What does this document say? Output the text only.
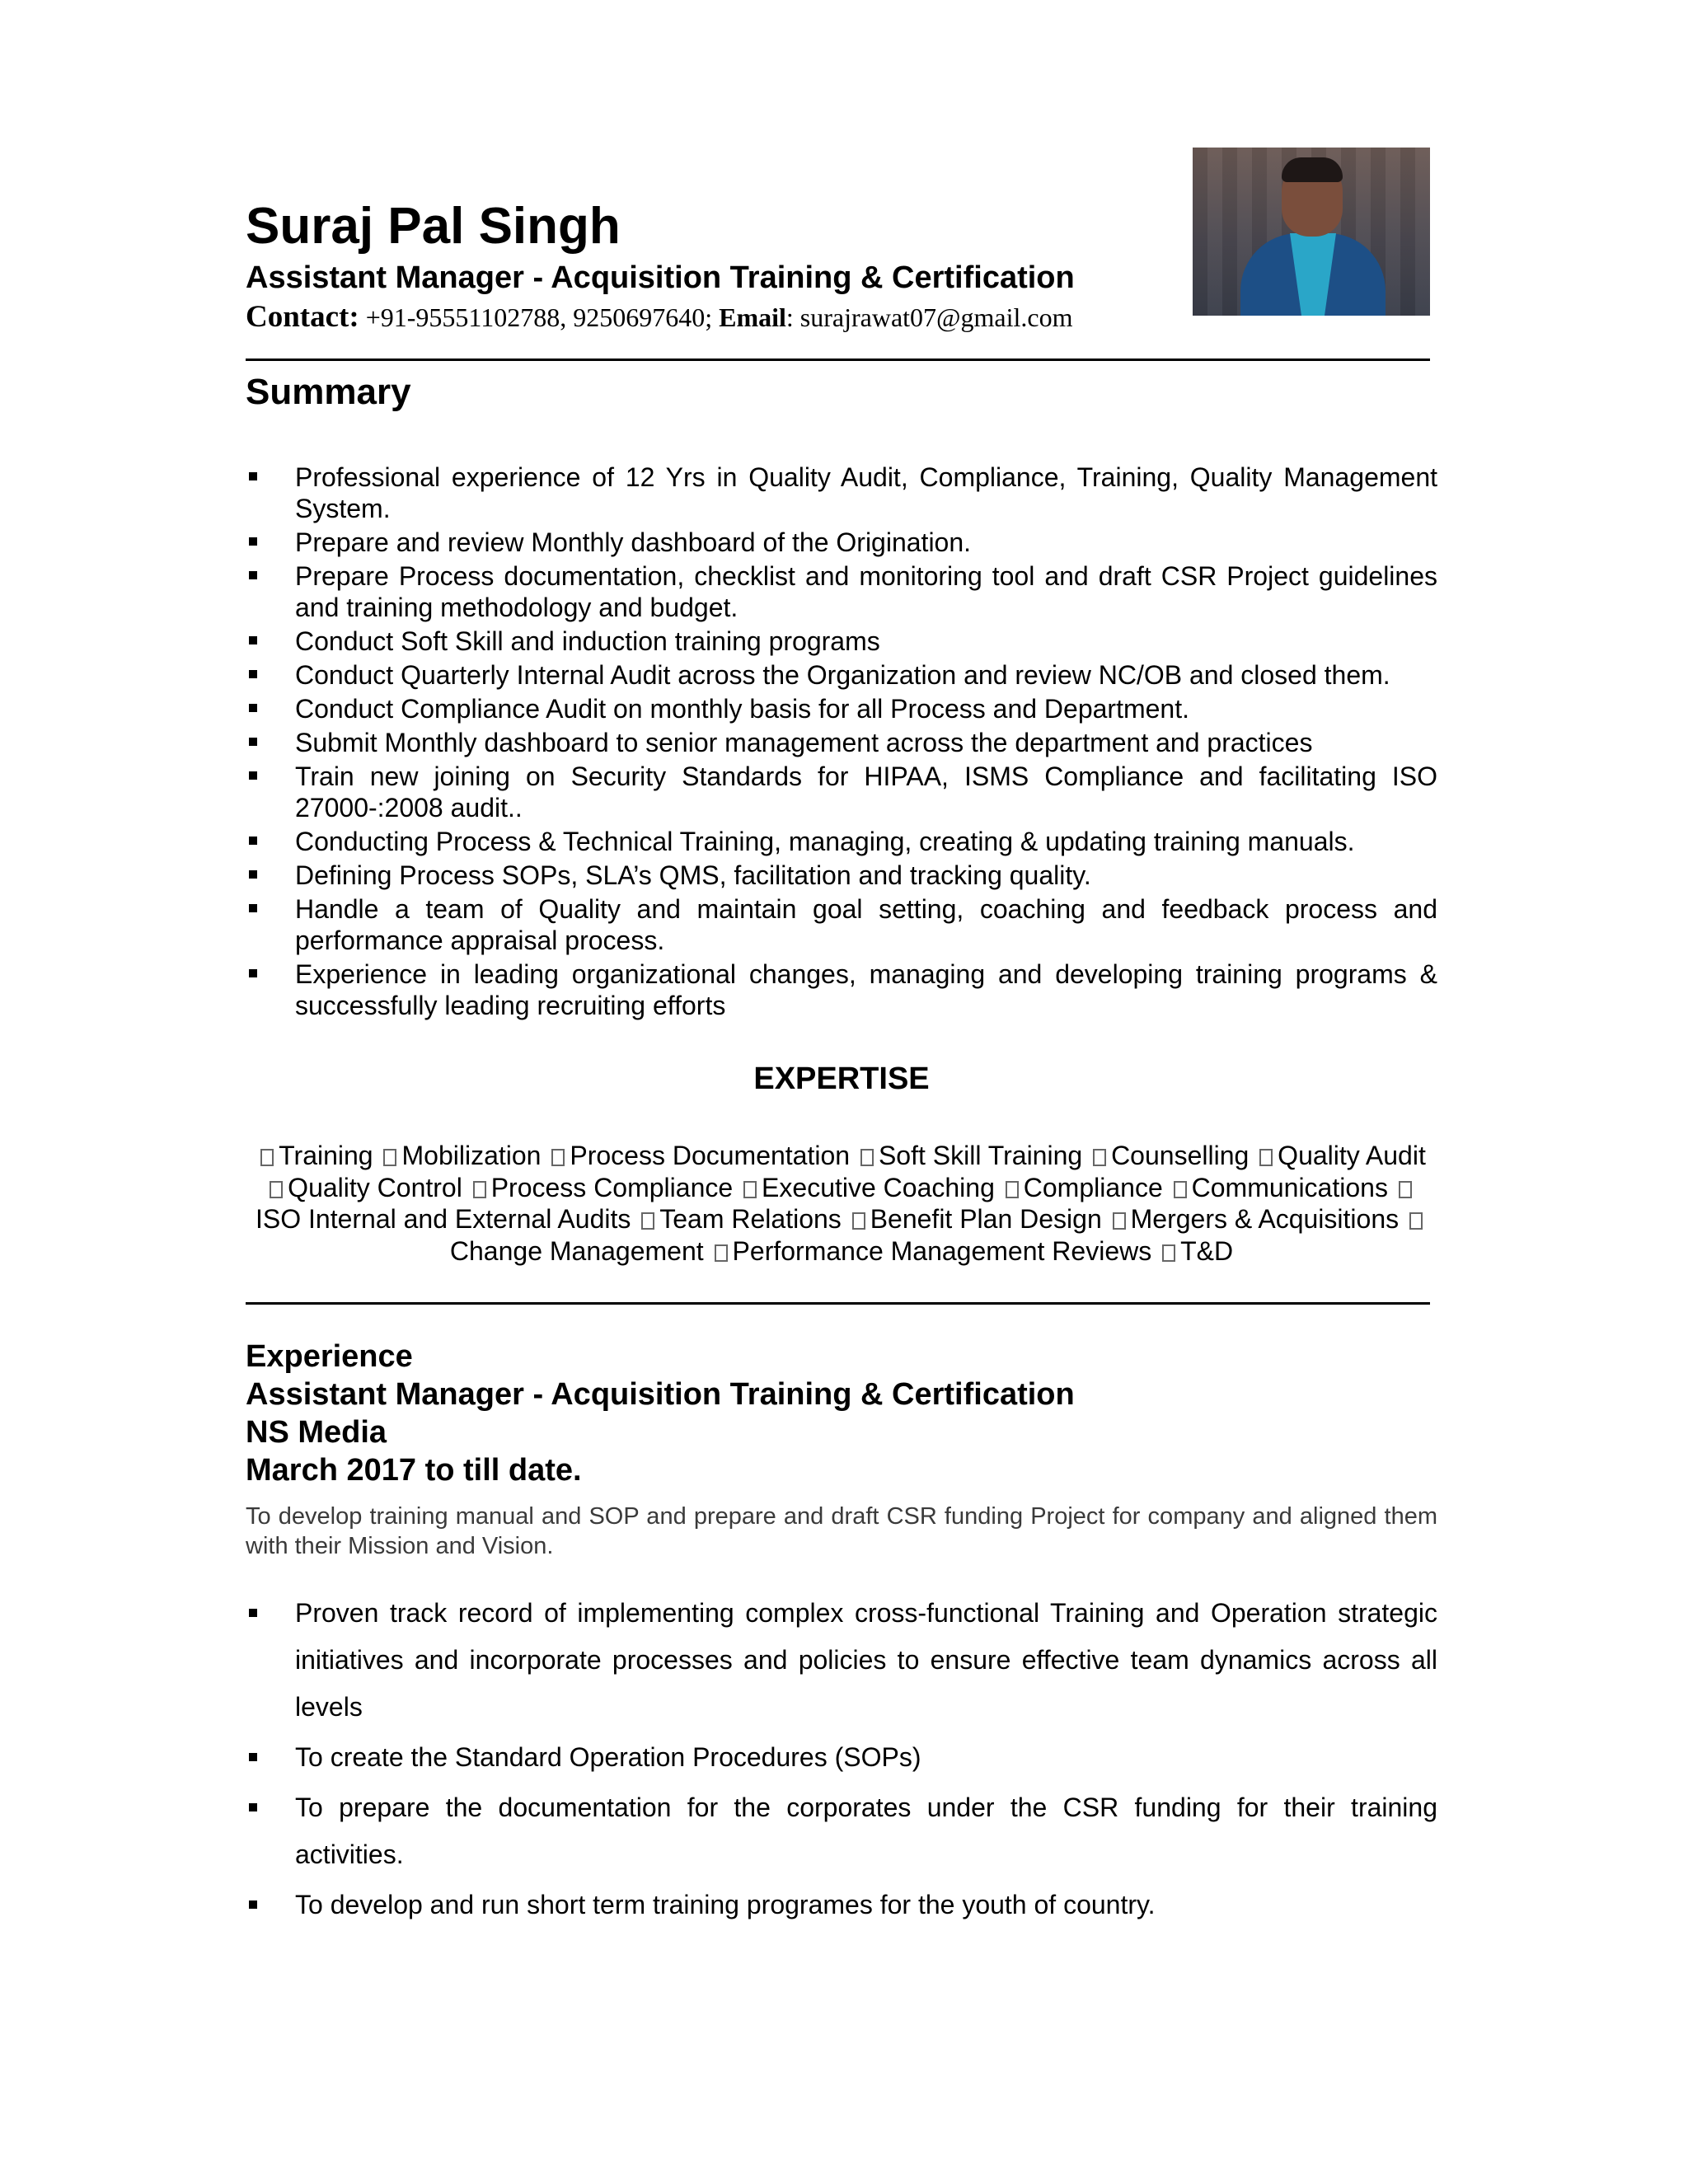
Suraj Pal Singh
Assistant Manager - Acquisition Training & Certification
Contact: +91-95551102788, 9250697640; Email: surajrawat07@gmail.com
Summary
Professional experience of 12 Yrs in Quality Audit, Compliance, Training, Quality Management System.
Prepare and review Monthly dashboard of the Origination.
Prepare Process documentation, checklist and monitoring tool and draft CSR Project guidelines and training methodology and budget.
Conduct Soft Skill and induction training programs
Conduct Quarterly Internal Audit across the Organization and review NC/OB and closed them.
Conduct Compliance Audit on monthly basis for all Process and Department.
Submit Monthly dashboard to senior management across the department and practices
Train new joining on Security Standards for HIPAA, ISMS Compliance and facilitating ISO 27000-:2008 audit..
Conducting Process & Technical Training, managing, creating & updating training manuals.
Defining Process SOPs, SLA’s QMS, facilitation and tracking quality.
Handle a team of Quality and maintain goal setting, coaching and feedback process and performance appraisal process.
Experience in leading organizational changes, managing and developing training programs & successfully leading recruiting efforts
EXPERTISE
Training Mobilization Process Documentation Soft Skill Training Counselling Quality Audit Quality Control Process Compliance Executive Coaching Compliance Communications ISO Internal and External Audits Team Relations Benefit Plan Design Mergers & Acquisitions Change Management Performance Management Reviews T&D
Experience
Assistant Manager - Acquisition Training & Certification
NS Media
March 2017 to till date.
To develop training manual and SOP and prepare and draft CSR funding Project for company and aligned them with their Mission and Vision.
Proven track record of implementing complex cross-functional Training and Operation strategic initiatives and incorporate processes and policies to ensure effective team dynamics across all levels
To create the Standard Operation Procedures (SOPs)
To prepare the documentation for the corporates under the CSR funding for their training activities.
To develop and run short term training programes for the youth of country.
